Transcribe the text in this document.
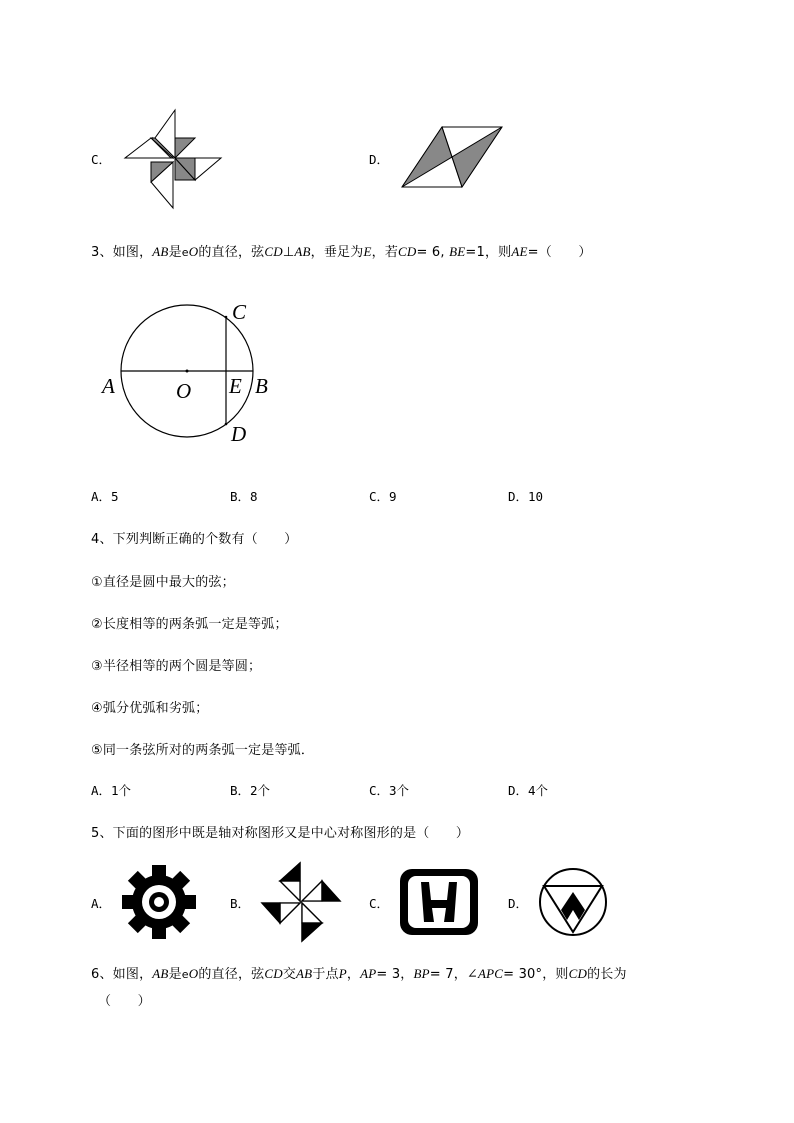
C．	D．
3、如图，AB是eO的直径，弦CD⊥AB，垂足为E，若CD= 6, BE=1，则AE=（　　）
A	O E B
C
D
A．5	B．8	C．9	D．10
4、下列判断正确的个数有（　　）
①直径是圆中最大的弦；
②长度相等的两条弧一定是等弧；
③半径相等的两个圆是等圆；
④弧分优弧和劣弧；
⑤同一条弦所对的两条弧一定是等弧．
A．1个	B．2个	C．3个	D．4个
5、下面的图形中既是轴对称图形又是中心对称图形的是（　　）
A．	B．	C．	D．
6、如图，AB是eO的直径，弦CD交AB于点P，AP= 3，BP= 7，∠APC= 30°，则CD的长为
（　　）
